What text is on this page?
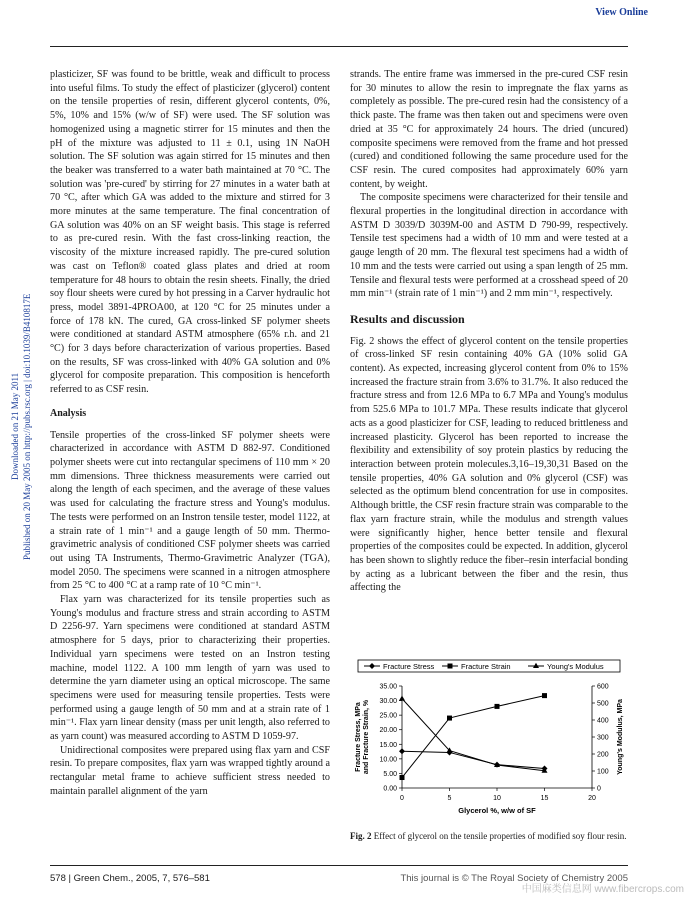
View Online
Downloaded on 21 May 2011 Published on 20 May 2005 on http://pubs.rsc.org | doi:10.1039/B410817E

plasticizer, SF was found to be brittle, weak and difficult to process into useful films. To study the effect of plasticizer (glycerol) content on the tensile properties of resin, different glycerol contents, 0%, 5%, 10% and 15% (w/w of SF) were used. The SF solution was homogenized using a magnetic stirrer for 15 minutes and then the pH of the mixture was adjusted to 11 ± 0.1, using 1N NaOH solution. The SF solution was again stirred for 15 minutes and then the beaker was transferred to a water bath maintained at 70 °C. The solution was 'pre-cured' by stirring for 27 minutes in a water bath at 70 °C, after which GA was added to the mixture and stirred for 3 more minutes at the same temperature. The final concentration of GA solution was 40% on an SF weight basis. This stage is referred to as pre-cured resin. With the fast cross-linking reaction, the viscosity of the mixture increased rapidly. The pre-cured solution was cast on Teflon® coated glass plates and dried at room temperature for 48 hours to obtain the resin sheets. Finally, the dried soy flour sheets were cured by hot pressing in a Carver hydraulic hot press, model 3891-4PROA00, at 120 °C for 25 minutes under a force of 178 kN. The cured, GA cross-linked SF polymer sheets were conditioned at standard ASTM atmosphere (65% r.h. and 21 °C) for 3 days before characterization of various properties. Based on the results, SF was cross-linked with 40% GA solution and 0% glycerol for composite preparation. This composition is henceforth referred to as CSF resin.

Analysis

Tensile properties of the cross-linked SF polymer sheets were characterized in accordance with ASTM D 882-97. Conditioned polymer sheets were cut into rectangular specimens of 110 mm × 20 mm dimensions. Three thickness measurements were carried out along the length of each specimen, and the average of these values was used for calculating the fracture stress and Young's modulus. The tests were performed on an Instron tensile tester, model 1122, at a strain rate of 1 min⁻¹ and a gauge length of 50 mm. Thermo-gravimetric analysis of conditioned CSF polymer sheets was carried out using TA Instruments, Thermo-Gravimetric Analyzer (TGA), model 2050. The specimens were scanned in a nitrogen atmosphere from 25 °C to 400 °C at a ramp rate of 10 °C min⁻¹.

Flax yarn was characterized for its tensile properties such as Young's modulus and fracture stress and strain according to ASTM D 2256-97. Yarn specimens were conditioned at standard ASTM atmosphere for 5 days, prior to characterizing their properties. Individual yarn specimens were tested on an Instron testing machine, model 1122. A 100 mm length of yarn was used to determine the yarn diameter using an optical microscope. The same specimens were used for measuring tensile properties. Tests were performed using a gauge length of 50 mm and at a strain rate of 1 min⁻¹. Flax yarn linear density (mass per unit length, also referred to as yarn count) was measured according to ASTM D 1059-97.

Unidirectional composites were prepared using flax yarn and CSF resin. To prepare composites, flax yarn was wrapped tightly around a rectangular metal frame to achieve sufficient stress needed to maintain parallel alignment of the yarn

strands. The entire frame was immersed in the pre-cured CSF resin for 30 minutes to allow the resin to impregnate the flax yarns as completely as possible. The pre-cured resin had the consistency of a thick paste. The frame was then taken out and specimens were oven dried at 35 °C for approximately 24 hours. The dried (uncured) composite specimens were removed from the frame and hot pressed (cured) and conditioned following the same procedure used for the CSF resin. The cured composites had approximately 60% yarn content, by weight.

The composite specimens were characterized for their tensile and flexural properties in the longitudinal direction in accordance with ASTM D 3039/D 3039M-00 and ASTM D 790-99, respectively. Tensile test specimens had a width of 10 mm and were tested at a gauge length of 20 mm. The flexural test specimens had a width of 10 mm and the tests were carried out using a span length of 25 mm. Tensile and flexural tests were performed at a crosshead speed of 20 mm min⁻¹ (strain rate of 1 min⁻¹) and 2 mm min⁻¹, respectively.

Results and discussion

Fig. 2 shows the effect of glycerol content on the tensile properties of cross-linked SF resin containing 40% GA (10% solid GA content). As expected, increasing glycerol content from 0% to 15% increased the fracture strain from 3.6% to 31.7%. It also reduced the fracture stress and from 12.6 MPa to 6.7 MPa and Young's modulus from 525.6 MPa to 101.7 MPa. These results indicate that glycerol acts as a good plasticizer for CSF, leading to reduced brittleness and increased plasticity. Glycerol has been reported to increase the flexibility and extensibility of soy protein plastics by reducing the interaction between protein molecules.3,16–19,30,31 Based on the tensile properties, 40% GA solution and 0% glycerol (CSF) was selected as the optimum blend concentration for use in composites. Although brittle, the CSF resin fracture strain was comparable to the flax yarn fracture strain, while the modulus and strength values were significantly higher, hence better tensile and flexural properties of the composites could be expected. In addition, glycerol has been shown to slightly reduce the fiber–resin interfacial bonding by acting as a lubricant between the fiber and the resin, thus affecting the

Fracture Stress	Fracture Strain	Young's Modulus
0.00
5.00
10.00
15.00
20.00
25.00
30.00
35.00
0
100
200
300
400
500
600
0	5	10	15	20
Glycerol %, w/w of SF
Fracture Stress, MPa and Fracture Strain, %	Young's Modulus, MPa
Fig. 2 Effect of glycerol on the tensile properties of modified soy flour resin.
578 | Green Chem., 2005, 7, 576–581	This journal is © The Royal Society of Chemistry 2005
中国麻类信息网 www.fibercrops.com
